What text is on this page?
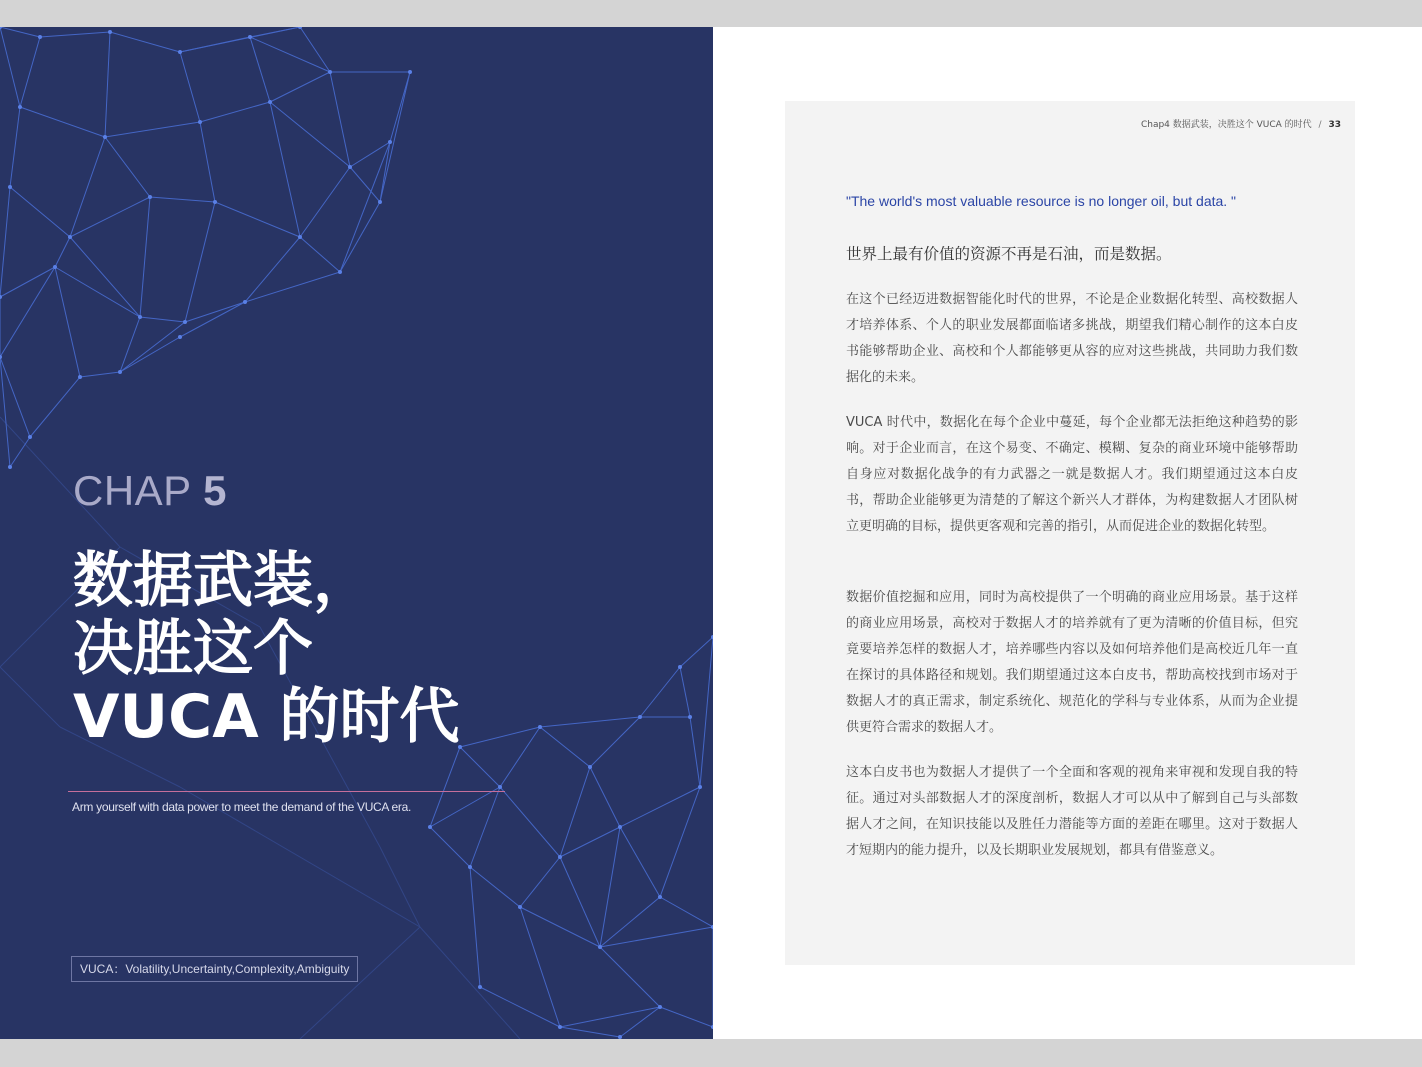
CHAP 5
数据武装，
决胜这个
VUCA 的时代
Arm yourself with data power to meet the demand of the VUCA era.
VUCA：Volatility,Uncertainty,Complexity,Ambiguity
Chap4 数据武装，决胜这个 VUCA 的时代 / 33
"The world's most valuable resource is no longer oil, but data. "
世界上最有价值的资源不再是石油，而是数据。
在这个已经迈进数据智能化时代的世界，不论是企业数据化转型、高校数据人才培养体系、个人的职业发展都面临诸多挑战，期望我们精心制作的这本白皮书能够帮助企业、高校和个人都能够更从容的应对这些挑战，共同助力我们数据化的未来。
VUCA 时代中，数据化在每个企业中蔓延，每个企业都无法拒绝这种趋势的影响。对于企业而言，在这个易变、不确定、模糊、复杂的商业环境中能够帮助自身应对数据化战争的有力武器之一就是数据人才。我们期望通过这本白皮书，帮助企业能够更为清楚的了解这个新兴人才群体，为构建数据人才团队树立更明确的目标，提供更客观和完善的指引，从而促进企业的数据化转型。
数据价值挖掘和应用，同时为高校提供了一个明确的商业应用场景。基于这样的商业应用场景，高校对于数据人才的培养就有了更为清晰的价值目标，但究竟要培养怎样的数据人才，培养哪些内容以及如何培养他们是高校近几年一直在探讨的具体路径和规划。我们期望通过这本白皮书，帮助高校找到市场对于数据人才的真正需求，制定系统化、规范化的学科与专业体系，从而为企业提供更符合需求的数据人才。
这本白皮书也为数据人才提供了一个全面和客观的视角来审视和发现自我的特征。通过对头部数据人才的深度剖析，数据人才可以从中了解到自己与头部数据人才之间，在知识技能以及胜任力潜能等方面的差距在哪里。这对于数据人才短期内的能力提升，以及长期职业发展规划，都具有借鉴意义。
